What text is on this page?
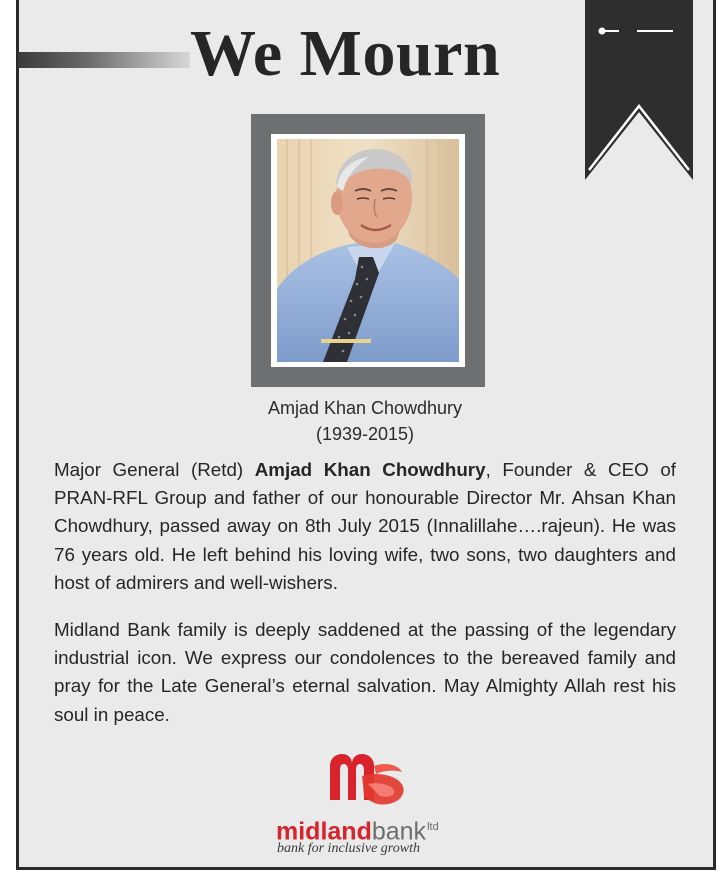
We Mourn
Amjad Khan Chowdhury
(1939-2015)

Major General (Retd) Amjad Khan Chowdhury, Founder & CEO of PRAN-RFL Group and father of our honourable Director Mr. Ahsan Khan Chowdhury, passed away on 8th July 2015 (Innalillahe….rajeun). He was 76 years old. He left behind his loving wife, two sons, two daughters and host of admirers and well-wishers.

Midland Bank family is deeply saddened at the passing of the legendary industrial icon. We express our condolences to the bereaved family and pray for the Late General’s eternal salvation. May Almighty Allah rest his soul in peace.

midlandbank$^{ltd}$
bank for inclusive growth
